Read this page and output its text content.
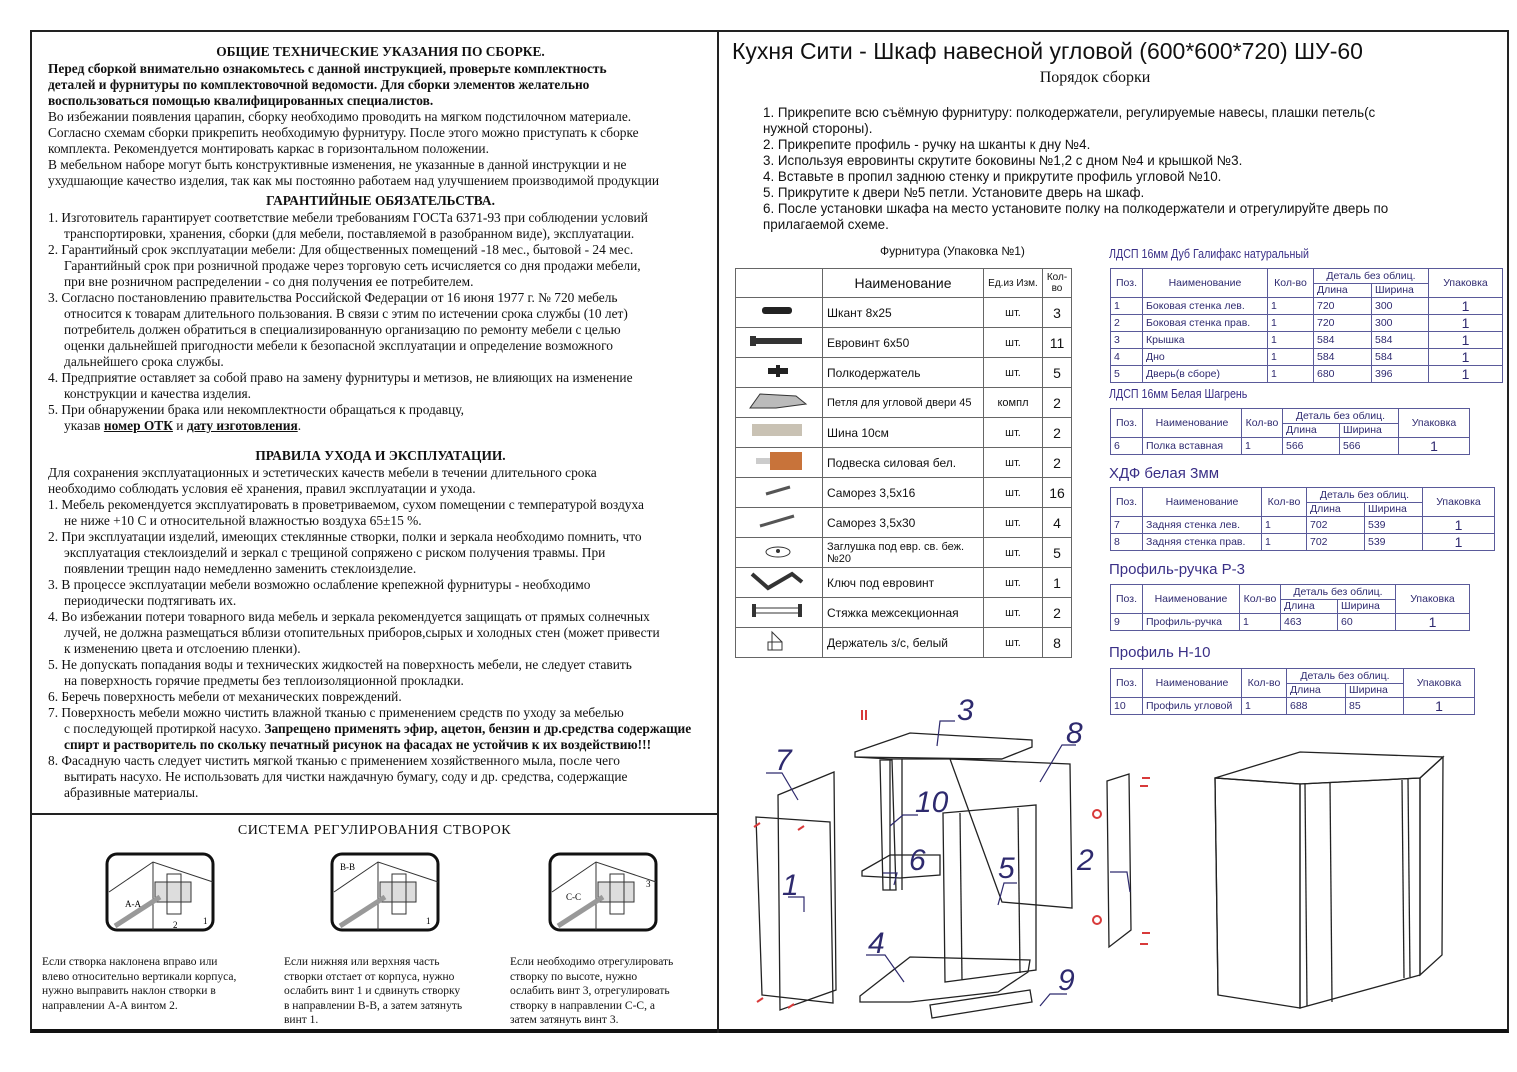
ОБЩИЕ ТЕХНИЧЕСКИЕ УКАЗАНИЯ ПО СБОРКЕ.
Перед сборкой внимательно ознакомьтесь с данной инструкцией, проверьте комплектность
деталей и фурнитуры по комплектовочной ведомости. Для сборки элементов желательно
воспользоваться помощью квалифицированных специалистов.
Во избежании появления царапин, сборку необходимо проводить на мягком подстилочном материале.
Согласно схемам сборки прикрепить необходимую фурнитуру. После этого можно приступать к сборке
комплекта. Рекомендуется монтировать каркас в горизонтальном положении.
В мебельном наборе могут быть конструктивные изменения, не указанные в данной инструкции и не
ухудшающие качество изделия, так как мы постоянно работаем над улучшением производимой продукции
ГАРАНТИЙНЫЕ ОБЯЗАТЕЛЬСТВА.
1. Изготовитель гарантирует соответствие мебели требованиям ГОСТа 6371-93 при соблюдении условий
транспортировки, хранения, сборки (для мебели, поставляемой в разобранном виде), эксплуатации.
2. Гарантийный срок эксплуатации мебели: Для общественных помещений -18 мес., бытовой - 24 мес.
Гарантийный срок при розничной продаже через торговую сеть исчисляется со дня продажи мебели,
при вне розничном распределении - со дня получения ее потребителем.
3. Согласно постановлению правительства Российской Федерации от 16 июня 1977 г. № 720 мебель
относится к товарам длительного пользования. В связи с этим по истечении срока службы (10 лет)
потребитель должен обратиться в специализированную организацию по ремонту мебели с целью
оценки дальнейшей пригодности мебели к безопасной эксплуатации и определение возможного
дальнейшего срока службы.
4. Предприятие оставляет за собой право на замену фурнитуры и метизов, не влияющих на изменение
конструкции и качества изделия.
5. При обнаружении брака или некомплектности обращаться к продавцу,
указав номер ОТК и дату изготовления.
ПРАВИЛА УХОДА И ЭКСПЛУАТАЦИИ.
Для сохранения эксплуатационных и эстетических качеств мебели в течении длительного срока
необходимо соблюдать условия её хранения, правил эксплуатации и ухода.
1. Мебель рекомендуется эксплуатировать в проветриваемом, сухом помещении с температурой воздуха
не ниже +10 С и относительной влажностью воздуха 65±15 %.
2. При эксплуатации изделий, имеющих стеклянные створки, полки и зеркала необходимо помнить, что
эксплуатация стеклоизделий и зеркал с трещиной сопряжено с риском получения травмы. При
появлении трещин надо немедленно заменить стеклоизделие.
3. В процессе эксплуатации мебели возможно ослабление крепежной фурнитуры - необходимо
периодически подтягивать их.
4. Во избежании потери товарного вида мебель и зеркала рекомендуется защищать от прямых солнечных
лучей, не должна размещаться вблизи отопительных приборов,сырых и холодных стен (может привести
к изменению цвета и отслоению пленки).
5. Не допускать попадания воды и технических жидкостей на поверхность мебели, не следует ставить
на поверхность горячие предметы без теплоизоляционной прокладки.
6. Беречь поверхность мебели от механических повреждений.
7. Поверхность мебели можно чистить влажной тканью с применением средств по уходу за мебелью
с последующей протиркой насухо. Запрещено применять эфир, ацетон, бензин и др.средства содержащие
спирт и растворитель по скольку печатный рисунок на фасадах не устойчив к их воздействию!!!
8. Фасадную часть следует чистить мягкой тканью с применением хозяйственного мыла, после чего
вытирать насухо. Не использовать для чистки наждачную бумагу, соду и др. средства, содержащие
абразивные материалы.
СИСТЕМА РЕГУЛИРОВАНИЯ СТВОРОК
А-А
2	1
Если створка наклонена вправо или
влево относительно вертикали корпуса,
нужно выправить наклон створки в
направлении А-А винтом 2.
В-В
1
Если нижняя или верхняя часть
створки отстает от корпуса, нужно
ослабить винт 1 и сдвинуть створку
в направлении В-В, а затем затянуть
винт 1.
С-С
3
Если необходимо отрегулировать
створку по высоте, нужно
ослабить винт 3, отрегулировать
створку в направлении С-С, а
затем затянуть винт 3.
Кухня Сити - Шкаф навесной угловой (600*600*720) ШУ-60
Порядок сборки
1. Прикрепите всю съёмную фурнитуру: полкодержатели, регулируемые навесы, плашки петель(с
нужной стороны).
2. Прикрепите профиль - ручку на шканты к дну №4.
3. Используя евровинты скрутите боковины №1,2 с дном №4 и крышкой №3.
4. Вставьте в пропил заднюю стенку и прикрутите профиль угловой №10.
5. Прикрутите к двери №5 петли. Установите дверь на шкаф.
6. После установки шкафа на место установите полку на полкодержатели и отрегулируйте дверь по
прилагаемой схеме.
Фурнитура (Упаковка №1)
	Наименование	Ед.из Изм.	Кол-во
	Шкант 8х25	шт.	3
	Евровинт 6х50	шт.	11
	Полкодержатель	шт.	5
	Петля для угловой двери 45	компл	2
	Шина 10см	шт.	2
	Подвеска силовая бел.	шт.	2
	Саморез 3,5х16	шт.	16
	Саморез 3,5х30	шт.	4
	Заглушка под евр. св. беж. №20	шт.	5
	Ключ под евровинт	шт.	1
	Стяжка межсекционная	шт.	2
	Держатель з/с, белый	шт.	8
ЛДСП 16мм Дуб Галифакс натуральный
Поз.	Наименование	Кол-во	Деталь без облиц.		Упаковка
			Длина	Ширина	
1	Боковая стенка лев.	1	720	300	1
2	Боковая стенка прав.	1	720	300	1
3	Крышка	1	584	584	1
4	Дно	1	584	584	1
5	Дверь(в сборе)	1	680	396	1
ЛДСП 16мм Белая Шагрень
Поз.	Наименование	Кол-во	Деталь без облиц.		Упаковка
			Длина	Ширина	
6	Полка вставная	1	566	566	1
ХДФ белая 3мм
Поз.	Наименование	Кол-во	Деталь без облиц.		Упаковка
			Длина	Ширина	
7	Задняя стенка лев.	1	702	539	1
8	Задняя стенка прав.	1	702	539	1
Профиль-ручка Р-3
Поз.	Наименование	Кол-во	Деталь без облиц.		Упаковка
			Длина	Ширина	
9	Профиль-ручка	1	463	60	1
Профиль Н-10
Поз.	Наименование	Кол-во	Деталь без облиц.		Упаковка
			Длина	Ширина	
10	Профиль угловой	1	688	85	1
1
2
3
4
5
6
7
8
9
10
